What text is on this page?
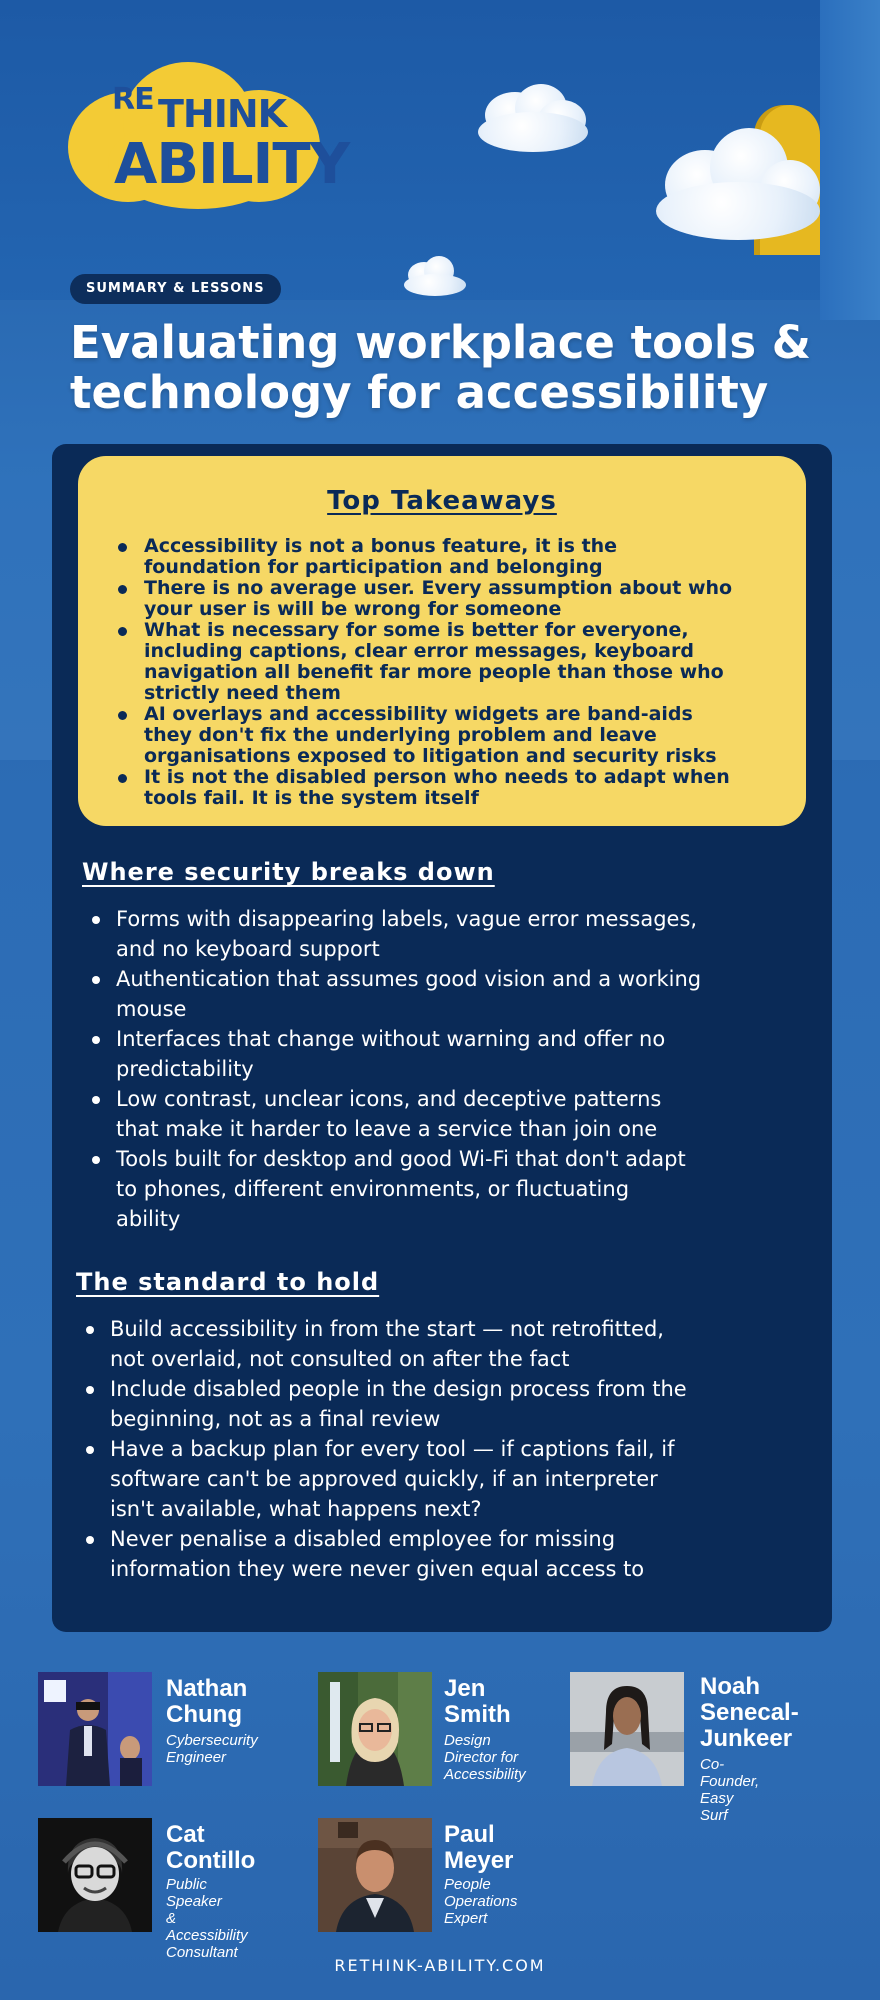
RE THINK
ABILITY
SUMMARY & LESSONS
Evaluating workplace tools &
technology for accessibility
Top Takeaways
Accessibility is not a bonus feature, it is the
foundation for participation and belonging
There is no average user. Every assumption about who
your user is will be wrong for someone
What is necessary for some is better for everyone,
including captions, clear error messages, keyboard
navigation all benefit far more people than those who
strictly need them
AI overlays and accessibility widgets are band-aids
they don't fix the underlying problem and leave
organisations exposed to litigation and security risks
It is not the disabled person who needs to adapt when
tools fail. It is the system itself
Where security breaks down
Forms with disappearing labels, vague error messages,
and no keyboard support
Authentication that assumes good vision and a working
mouse
Interfaces that change without warning and offer no
predictability
Low contrast, unclear icons, and deceptive patterns
that make it harder to leave a service than join one
Tools built for desktop and good Wi-Fi that don't adapt
to phones, different environments, or fluctuating
ability
The standard to hold
Build accessibility in from the start — not retrofitted,
not overlaid, not consulted on after the fact
Include disabled people in the design process from the
beginning, not as a final review
Have a backup plan for every tool — if captions fail, if
software can't be approved quickly, if an interpreter
isn't available, what happens next?
Never penalise a disabled employee for missing
information they were never given equal access to
Nathan
Chung
Cybersecurity
Engineer
Jen
Smith
Design
Director for
Accessibility
Noah
Senecal-
Junkeer
Co-Founder,
Easy Surf
Cat
Contillo
Public Speaker
& Accessibility
Consultant
Paul
Meyer
People
Operations
Expert
RETHINK-ABILITY.COM
